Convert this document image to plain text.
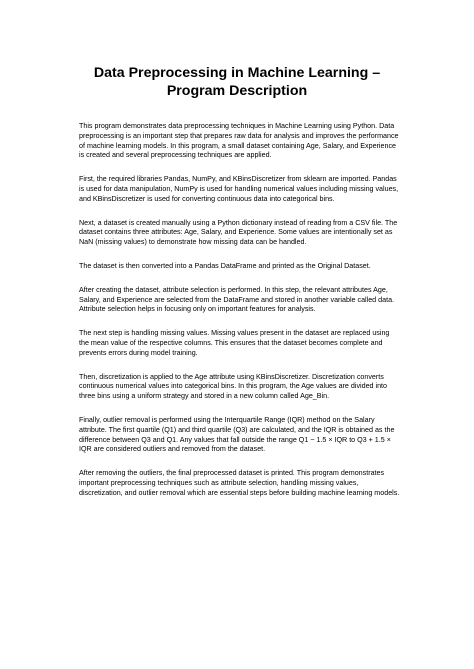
Data Preprocessing in Machine Learning –
Program Description

This program demonstrates data preprocessing techniques in Machine Learning using Python. Data preprocessing is an important step that prepares raw data for analysis and improves the performance of machine learning models. In this program, a small dataset containing Age, Salary, and Experience is created and several preprocessing techniques are applied.

First, the required libraries Pandas, NumPy, and KBinsDiscretizer from sklearn are imported. Pandas is used for data manipulation, NumPy is used for handling numerical values including missing values, and KBinsDiscretizer is used for converting continuous data into categorical bins.

Next, a dataset is created manually using a Python dictionary instead of reading from a CSV file. The dataset contains three attributes: Age, Salary, and Experience. Some values are intentionally set as NaN (missing values) to demonstrate how missing data can be handled.

The dataset is then converted into a Pandas DataFrame and printed as the Original Dataset.

After creating the dataset, attribute selection is performed. In this step, the relevant attributes Age, Salary, and Experience are selected from the DataFrame and stored in another variable called data. Attribute selection helps in focusing only on important features for analysis.

The next step is handling missing values. Missing values present in the dataset are replaced using the mean value of the respective columns. This ensures that the dataset becomes complete and prevents errors during model training.

Then, discretization is applied to the Age attribute using KBinsDiscretizer. Discretization converts continuous numerical values into categorical bins. In this program, the Age values are divided into three bins using a uniform strategy and stored in a new column called Age_Bin.

Finally, outlier removal is performed using the Interquartile Range (IQR) method on the Salary attribute. The first quartile (Q1) and third quartile (Q3) are calculated, and the IQR is obtained as the difference between Q3 and Q1. Any values that fall outside the range Q1 − 1.5 × IQR to Q3 + 1.5 × IQR are considered outliers and removed from the dataset.

After removing the outliers, the final preprocessed dataset is printed. This program demonstrates important preprocessing techniques such as attribute selection, handling missing values, discretization, and outlier removal which are essential steps before building machine learning models.
